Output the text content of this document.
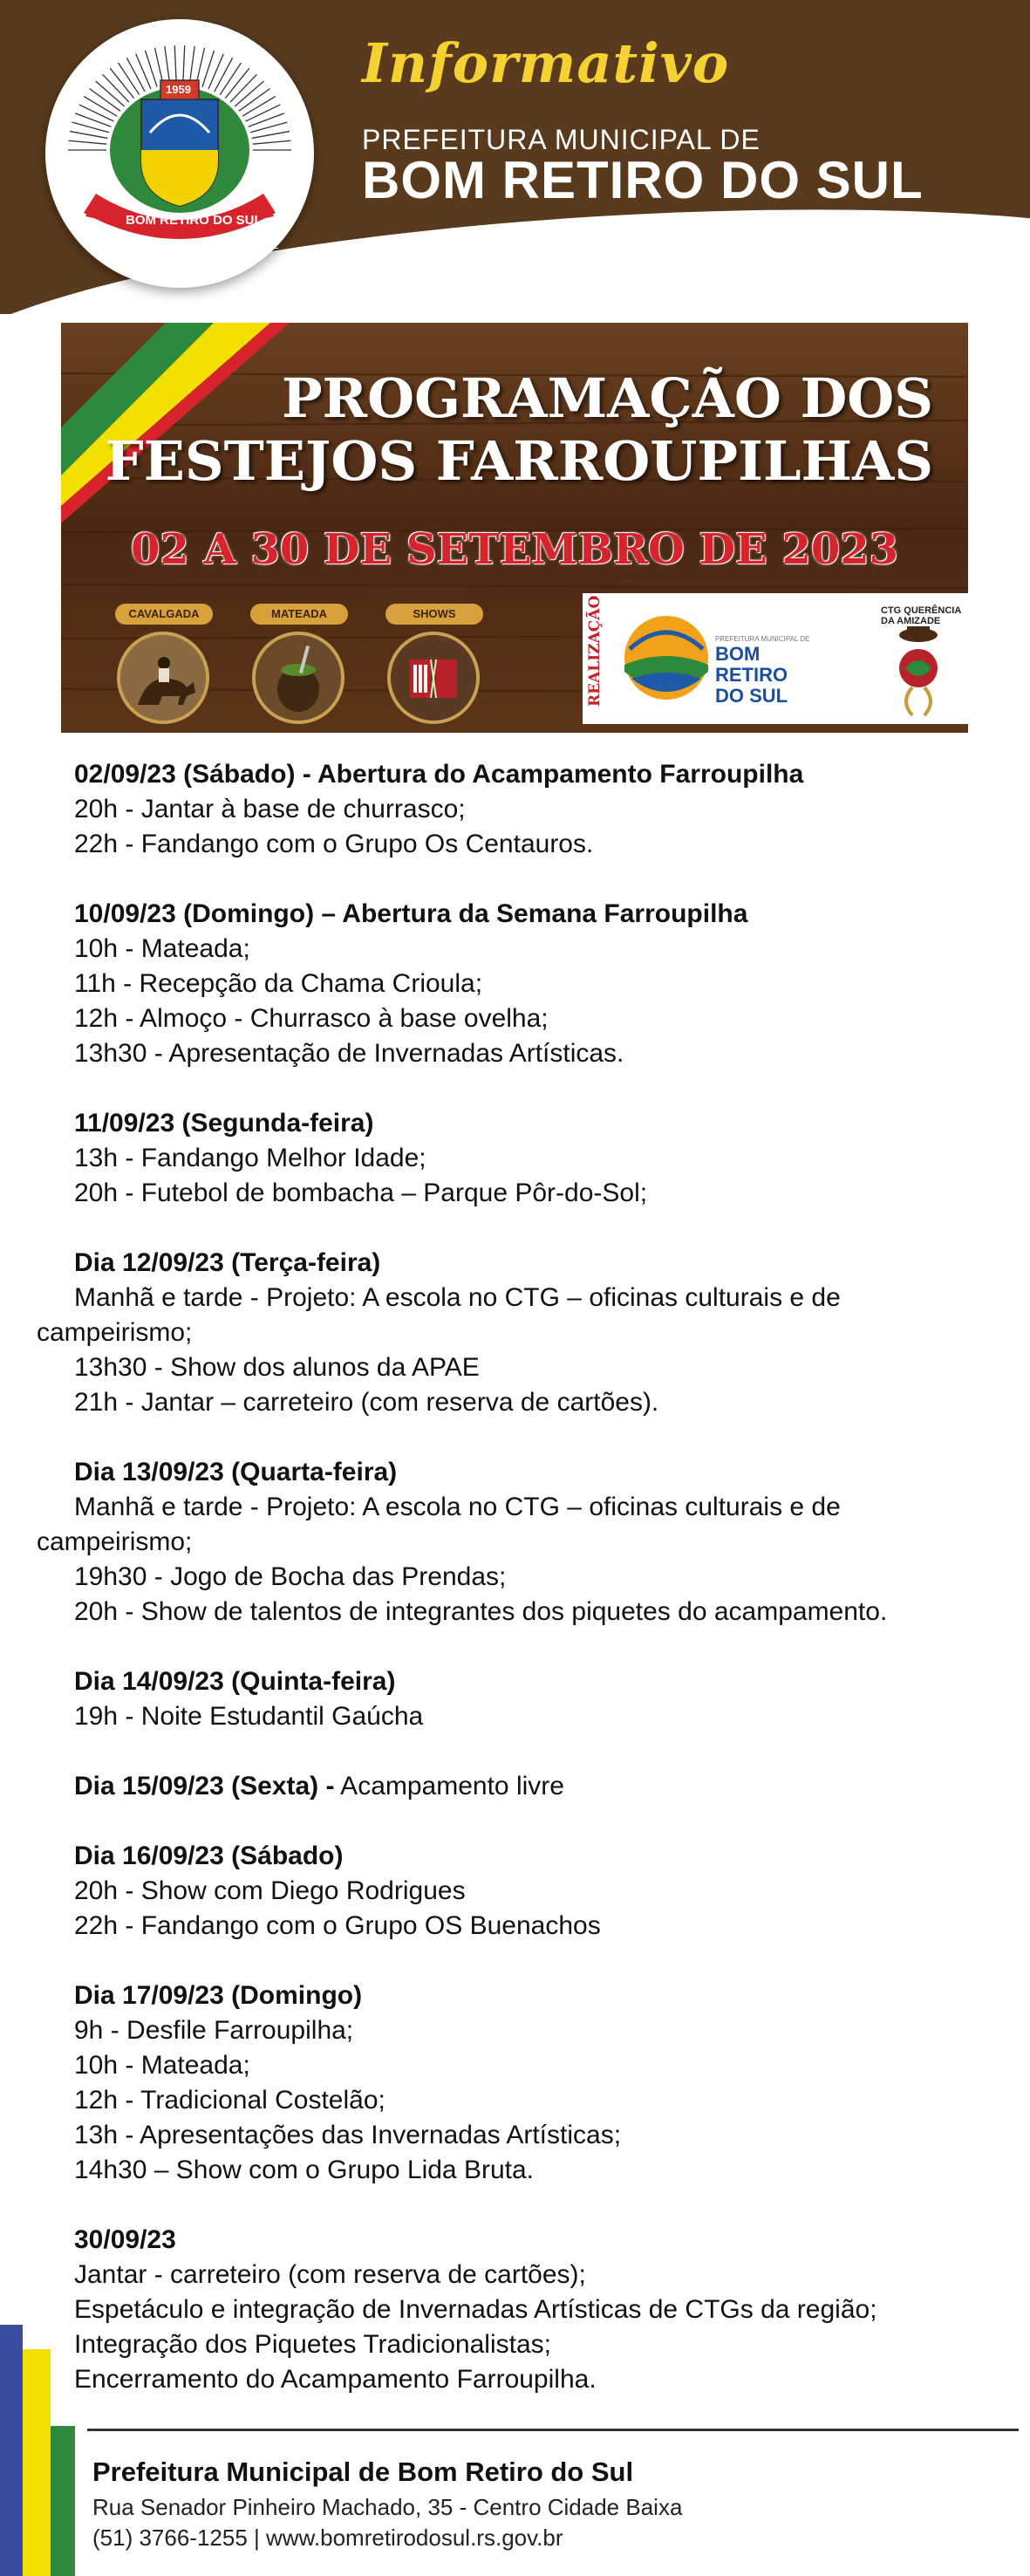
1959
BOM RETIRO DO SUL
UNIÃO	PROSPERIDADE
Informativo
PREFEITURA MUNICIPAL DE
BOM RETIRO DO SUL
PROGRAMAÇÃO DOS
FESTEJOS FARROUPILHAS
02 A 30 DE SETEMBRO DE 2023
CAVALGADA	MATEADA	SHOWS	REALIZAÇÃO	PREFEITURA MUNICIPAL DE
BOM
RETIRO
DO SUL
CTG QUERÊNCIA DA AMIZADE
02/09/23 (Sábado) - Abertura do Acampamento Farroupilha
20h - Jantar à base de churrasco;
22h - Fandango com o Grupo Os Centauros.
10/09/23 (Domingo) – Abertura da Semana Farroupilha
10h - Mateada;
11h - Recepção da Chama Crioula;
12h - Almoço - Churrasco à base ovelha;
13h30 - Apresentação de Invernadas Artísticas.
11/09/23 (Segunda-feira)
13h - Fandango Melhor Idade;
20h - Futebol de bombacha – Parque Pôr-do-Sol;
Dia 12/09/23 (Terça-feira)
Manhã e tarde - Projeto: A escola no CTG – oficinas culturais e de campeirismo;
13h30 - Show dos alunos da APAE
21h - Jantar – carreteiro (com reserva de cartões).
Dia 13/09/23 (Quarta-feira)
Manhã e tarde - Projeto: A escola no CTG – oficinas culturais e de campeirismo;
19h30 - Jogo de Bocha das Prendas;
20h - Show de talentos de integrantes dos piquetes do acampamento.
Dia 14/09/23 (Quinta-feira)
19h - Noite Estudantil Gaúcha
Dia 15/09/23 (Sexta) - Acampamento livre
Dia 16/09/23 (Sábado)
20h - Show com Diego Rodrigues
22h - Fandango com o Grupo OS Buenachos
Dia 17/09/23 (Domingo)
9h - Desfile Farroupilha;
10h - Mateada;
12h - Tradicional Costelão;
13h - Apresentações das Invernadas Artísticas;
14h30 – Show com o Grupo Lida Bruta.
30/09/23
Jantar - carreteiro (com reserva de cartões);
Espetáculo e integração de Invernadas Artísticas de CTGs da região;
Integração dos Piquetes Tradicionalistas;
Encerramento do Acampamento Farroupilha.
Prefeitura Municipal de Bom Retiro do Sul
Rua Senador Pinheiro Machado, 35 - Centro Cidade Baixa
(51) 3766-1255 | www.bomretirodosul.rs.gov.br
